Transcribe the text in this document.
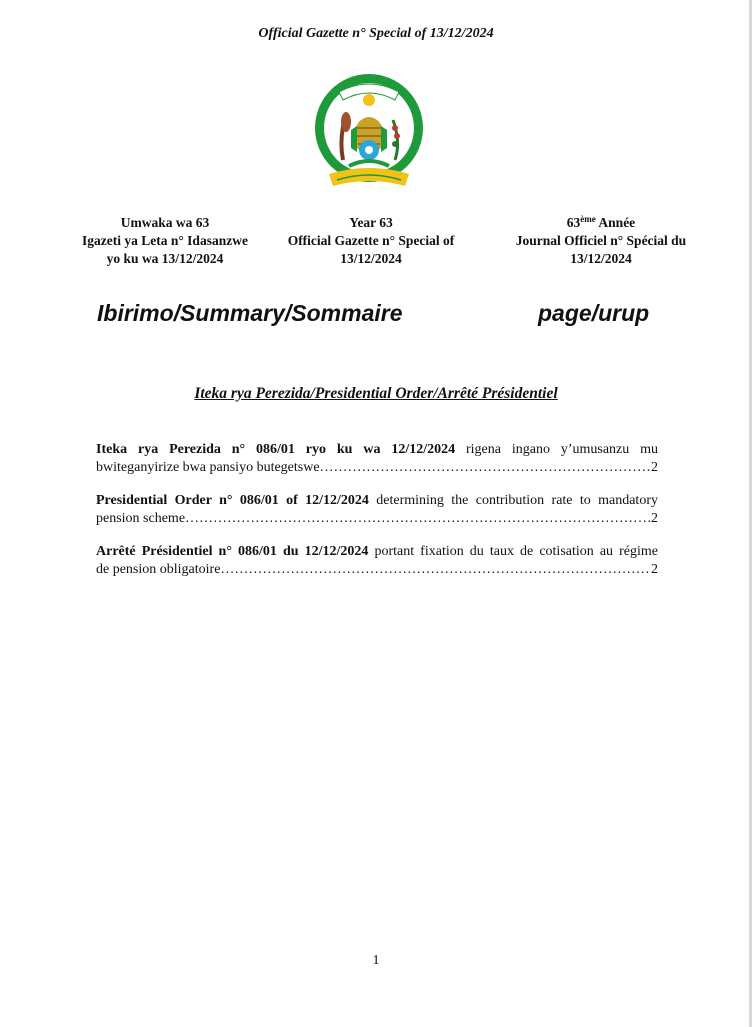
Official Gazette n° Special of 13/12/2024
Umwaka wa 63
Igazeti ya Leta n° Idasanzwe
yo ku wa 13/12/2024
Year 63
Official Gazette n° Special of
13/12/2024
63ème Année
Journal Officiel n° Spécial du
13/12/2024
Ibirimo/Summary/Sommaire	page/urup
Iteka rya Perezida/Presidential Order/Arrêté Présidentiel
Iteka rya Perezida n° 086/01 ryo ku wa 12/12/2024 rigena ingano y’umusanzu mu
bwiteganyirize bwa pansiyo butegetswe ……………………………………………………………………………………………………………………………	2
Presidential Order n° 086/01 of 12/12/2024 determining the contribution rate to mandatory
pension scheme ……………………………………………………………………………………………………………………………	2
Arrêté Présidentiel n° 086/01 du 12/12/2024 portant fixation du taux de cotisation au régime
de pension obligatoire ……………………………………………………………………………………………………………………………	2
1
